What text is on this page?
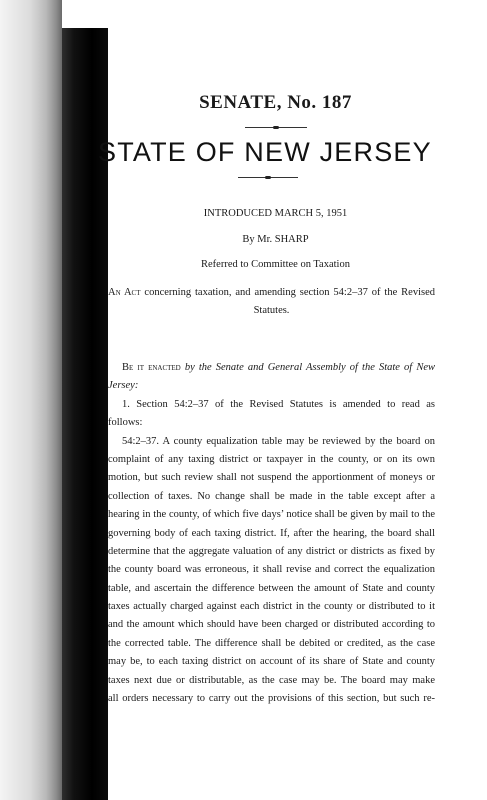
SENATE, No. 187
STATE OF NEW JERSEY
INTRODUCED MARCH 5, 1951
By Mr. SHARP
Referred to Committee on Taxation
An Act concerning taxation, and amending section 54:2–37 of the Revised
Statutes.
Be it enacted by the Senate and General Assembly of the State of New
Jersey:
1. Section 54:2–37 of the Revised Statutes is amended to read as
follows:
54:2–37. A county equalization table may be reviewed by the board on
complaint of any taxing district or taxpayer in the county, or on its own
motion, but such review shall not suspend the apportionment of moneys or
collection of taxes. No change shall be made in the table except after a
hearing in the county, of which five days’ notice shall be given by mail to the
governing body of each taxing district. If, after the hearing, the board shall
determine that the aggregate valuation of any district or districts as fixed by
the county board was erroneous, it shall revise and correct the equalization
table, and ascertain the difference between the amount of State and county
taxes actually charged against each district in the county or distributed to it
and the amount which should have been charged or distributed according to
the corrected table. The difference shall be debited or credited, as the case
may be, to each taxing district on account of its share of State and county
taxes next due or distributable, as the case may be. The board may make
all orders necessary to carry out the provisions of this section, but such re-
